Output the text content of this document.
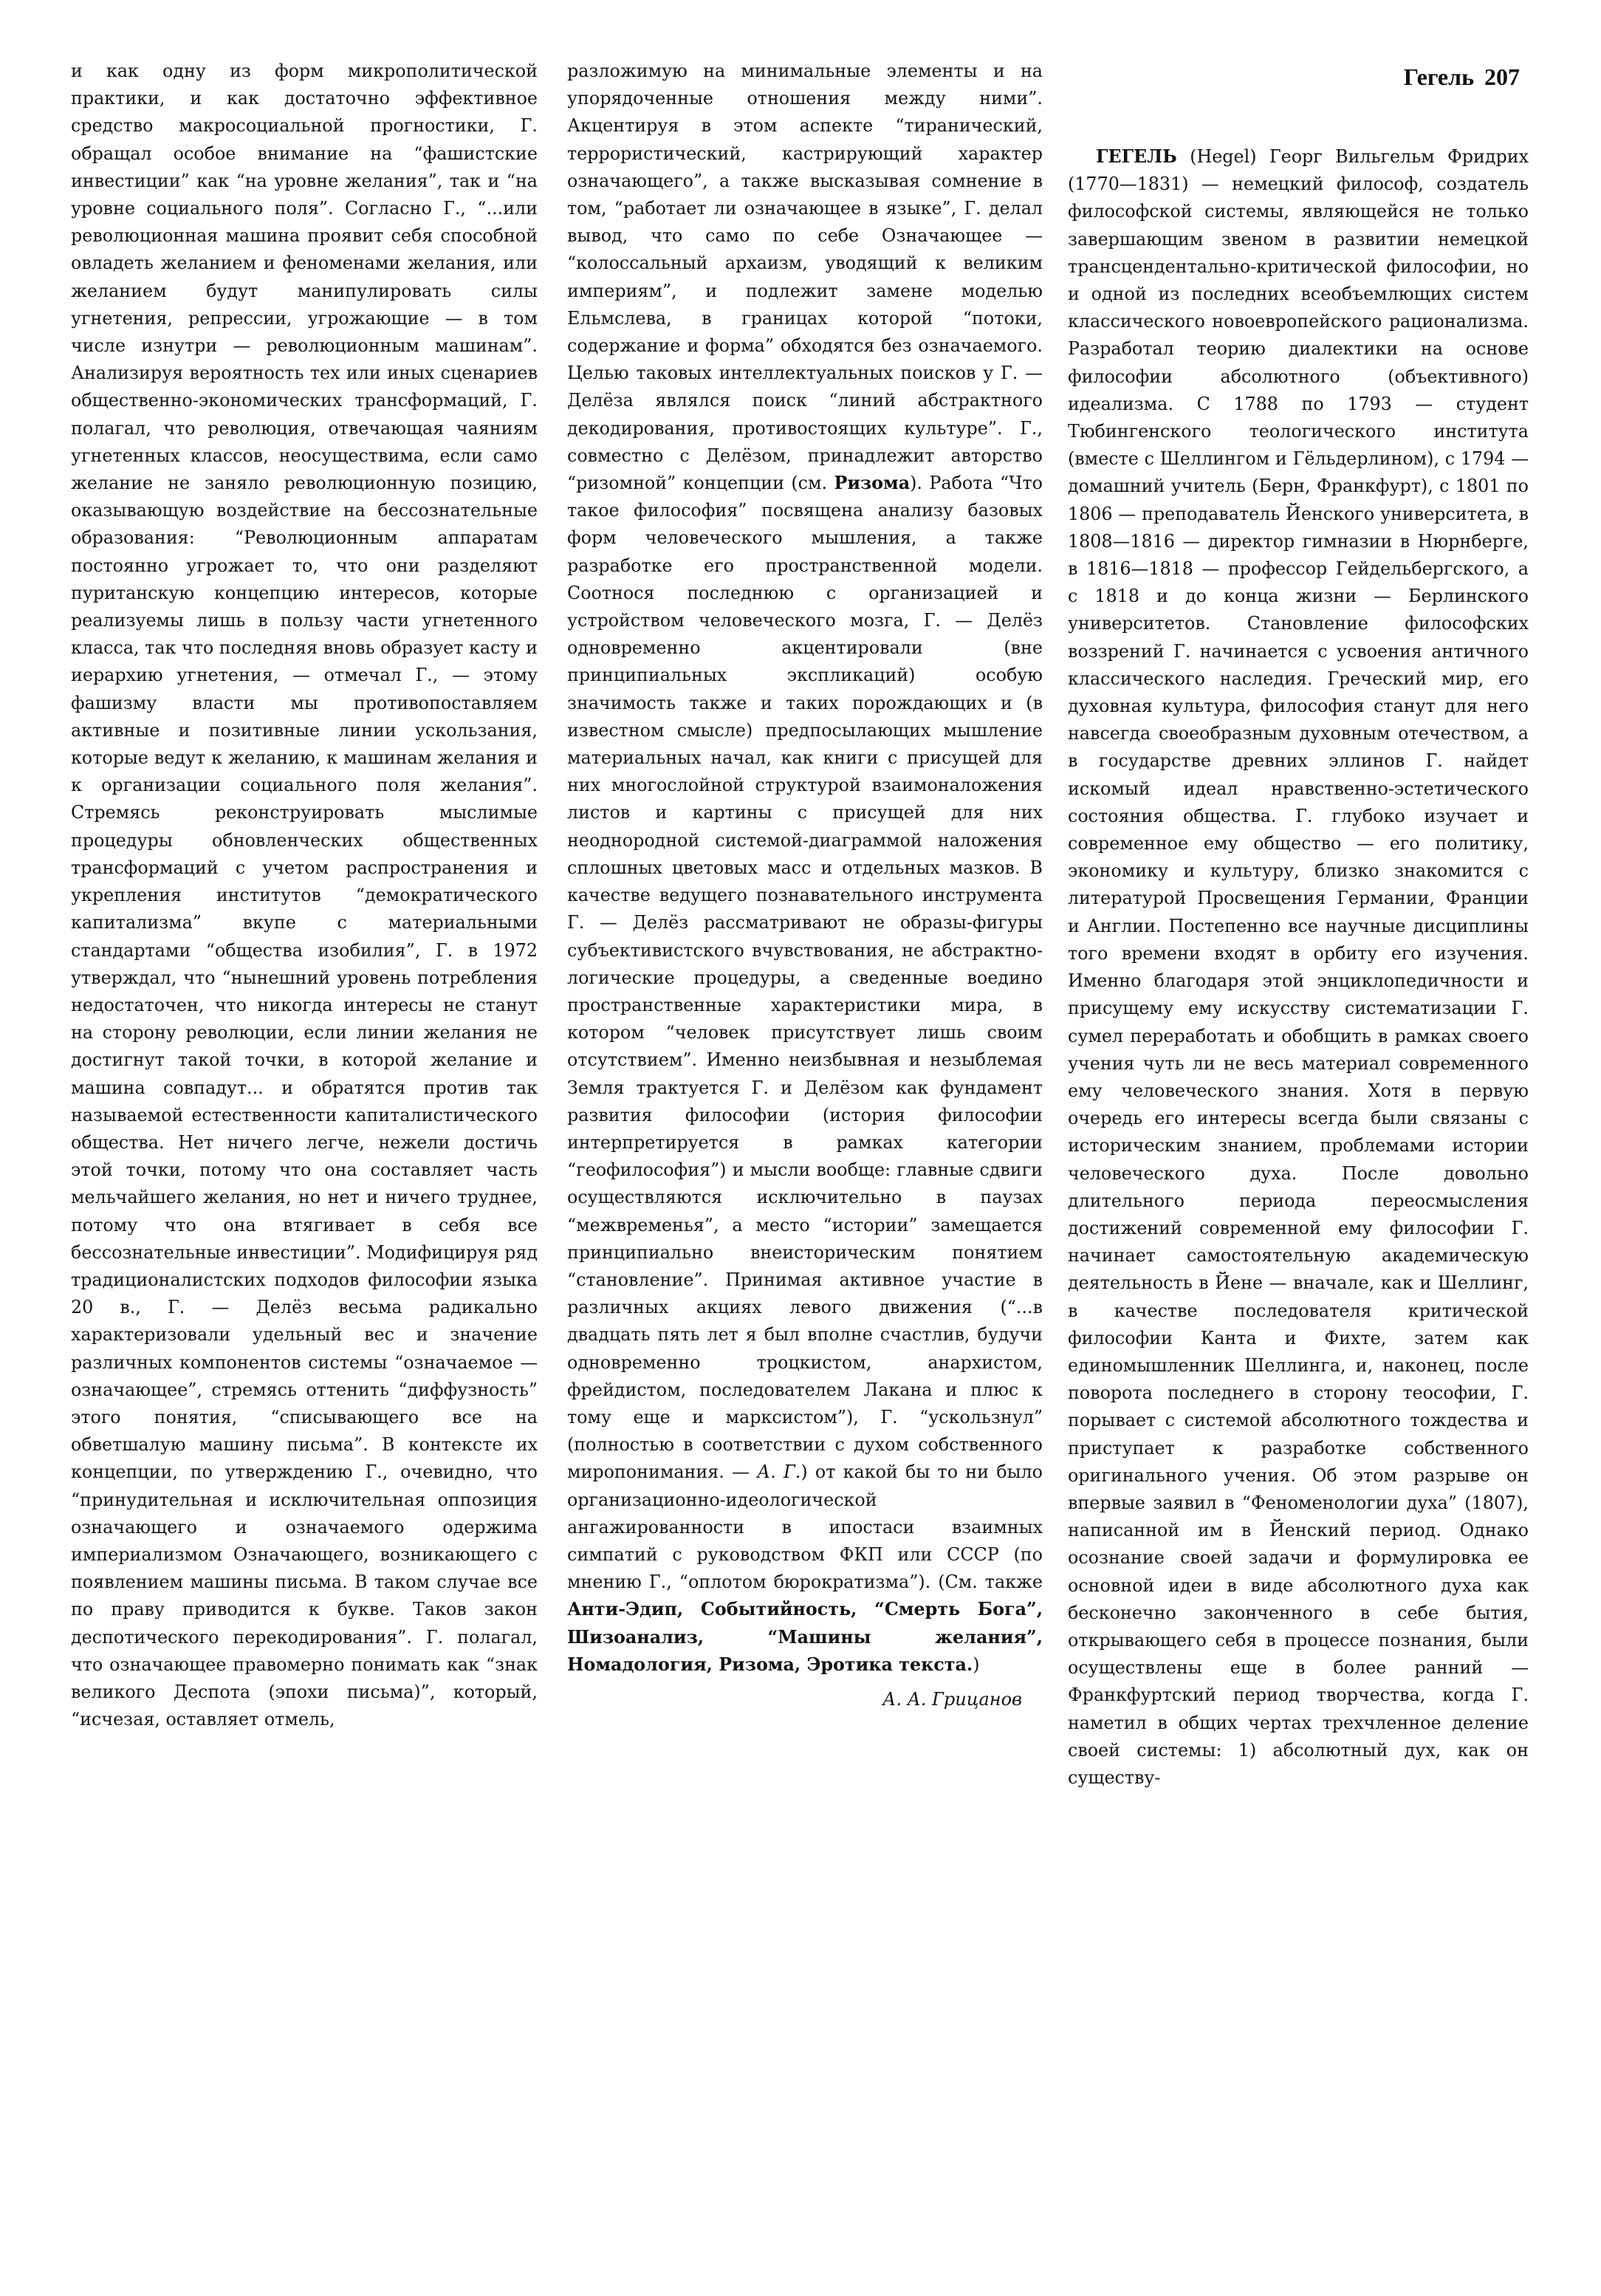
Гегель 207

и как одну из форм микрополитической практики, и как достаточно эффективное средство макросоциальной прогностики, Г. обращал особое внимание на “фашистские инвестиции” как “на уровне желания”, так и “на уровне социального поля”. Согласно Г., “...или революционная машина проявит себя способной овладеть желанием и феноменами желания, или желанием будут манипулировать силы угнетения, репрессии, угрожающие — в том числе изнутри — революционным машинам”. Анализируя вероятность тех или иных сценариев общественно-экономических трансформаций, Г. полагал, что революция, отвечающая чаяниям угнетенных классов, неосуществима, если само желание не заняло революционную позицию, оказывающую воздействие на бессознательные образования: “Революционным аппаратам постоянно угрожает то, что они разделяют пуританскую концепцию интересов, которые реализуемы лишь в пользу части угнетенного класса, так что последняя вновь образует касту и иерархию угнетения, — отмечал Г., — этому фашизму власти мы противопоставляем активные и позитивные линии ускользания, которые ведут к желанию, к машинам желания и к организации социального поля желания”. Стремясь реконструировать мыслимые процедуры обновленческих общественных трансформаций с учетом распространения и укрепления институтов “демократического капитализма” вкупе с материальными стандартами “общества изобилия”, Г. в 1972 утверждал, что “нынешний уровень потребления недостаточен, что никогда интересы не станут на сторону революции, если линии желания не достигнут такой точки, в которой желание и машина совпадут... и обратятся против так называемой естественности капиталистического общества. Нет ничего легче, нежели достичь этой точки, потому что она составляет часть мельчайшего желания, но нет и ничего труднее, потому что она втягивает в себя все бессознательные инвестиции”. Модифицируя ряд традиционалистских подходов философии языка 20 в., Г. — Делёз весьма радикально характеризовали удельный вес и значение различных компонентов системы “означаемое — означающее”, стремясь оттенить “диффузность” этого понятия, “списывающего все на обветшалую машину письма”. В контексте их концепции, по утверждению Г., очевидно, что “принудительная и исключительная оппозиция означающего и означаемого одержима империализмом Означающего, возникающего с появлением машины письма. В таком случае все по праву приводится к букве. Таков закон деспотического перекодирования”. Г. полагал, что означающее правомерно понимать как “знак великого Деспота (эпохи письма)”, который, “исчезая, оставляет отмель,

разложимую на минимальные элементы и на упорядоченные отношения между ними”. Акцентируя в этом аспекте “тиранический, террористический, кастрирующий характер означающего”, а также высказывая сомнение в том, “работает ли означающее в языке”, Г. делал вывод, что само по себе Означающее — “колоссальный архаизм, уводящий к великим империям”, и подлежит замене моделью Ельмслева, в границах которой “потоки, содержание и форма” обходятся без означаемого. Целью таковых интеллектуальных поисков у Г. — Делёза являлся поиск “линий абстрактного декодирования, противостоящих культуре”. Г., совместно с Делёзом, принадлежит авторство “ризомной” концепции (см. Ризома). Работа “Что такое философия” посвящена анализу базовых форм человеческого мышления, а также разработке его пространственной модели. Соотнося последнюю с организацией и устройством человеческого мозга, Г. — Делёз одновременно акцентировали (вне принципиальных экспликаций) особую значимость также и таких порождающих и (в известном смысле) предпосылающих мышление материальных начал, как книги с присущей для них многослойной структурой взаимоналожения листов и картины с присущей для них неоднородной системой-диаграммой наложения сплошных цветовых масс и отдельных мазков. В качестве ведущего познавательного инструмента Г. — Делёз рассматривают не образы-фигуры субъективистского вчувствования, не абстрактно-логические процедуры, а сведенные воедино пространственные характеристики мира, в котором “человек присутствует лишь своим отсутствием”. Именно неизбывная и незыблемая Земля трактуется Г. и Делёзом как фундамент развития философии (история философии интерпретируется в рамках категории “геофилософия”) и мысли вообще: главные сдвиги осуществляются исключительно в паузах “межвременья”, а место “истории” замещается принципиально внеисторическим понятием “становление”. Принимая активное участие в различных акциях левого движения (“...в двадцать пять лет я был вполне счастлив, будучи одновременно троцкистом, анархистом, фрейдистом, последователем Лакана и плюс к тому еще и марксистом”), Г. “ускользнул” (полностью в соответствии с духом собственного миропонимания. — А. Г.) от какой бы то ни было организационно-идеологической ангажированности в ипостаси взаимных симпатий с руководством ФКП или СССР (по мнению Г., “оплотом бюрократизма”). (См. также Анти-Эдип, Событийность, “Смерть Бога”, Шизоанализ, “Машины желания”, Номадология, Ризома, Эротика текста.)

А. А. Грицанов

ГЕГЕЛЬ (Hegel) Георг Вильгельм Фридрих (1770—1831) — немецкий философ, создатель философской системы, являющейся не только завершающим звеном в развитии немецкой трансцендентально-критической философии, но и одной из последних всеобъемлющих систем классического новоевропейского рационализма. Разработал теорию диалектики на основе философии абсолютного (объективного) идеализма. С 1788 по 1793 — студент Тюбингенского теологического института (вместе с Шеллингом и Гёльдерлином), с 1794 — домашний учитель (Берн, Франкфурт), с 1801 по 1806 — преподаватель Йенского университета, в 1808—1816 — директор гимназии в Нюрнберге, в 1816—1818 — профессор Гейдельбергского, а с 1818 и до конца жизни — Берлинского университетов. Становление философских воззрений Г. начинается с усвоения античного классического наследия. Греческий мир, его духовная культура, философия станут для него навсегда своеобразным духовным отечеством, а в государстве древних эллинов Г. найдет искомый идеал нравственно-эстетического состояния общества. Г. глубоко изучает и современное ему общество — его политику, экономику и культуру, близко знакомится с литературой Просвещения Германии, Франции и Англии. Постепенно все научные дисциплины того времени входят в орбиту его изучения. Именно благодаря этой энциклопедичности и присущему ему искусству систематизации Г. сумел переработать и обобщить в рамках своего учения чуть ли не весь материал современного ему человеческого знания. Хотя в первую очередь его интересы всегда были связаны с историческим знанием, проблемами истории человеческого духа. После довольно длительного периода переосмысления достижений современной ему философии Г. начинает самостоятельную академическую деятельность в Йене — вначале, как и Шеллинг, в качестве последователя критической философии Канта и Фихте, затем как единомышленник Шеллинга, и, наконец, после поворота последнего в сторону теософии, Г. порывает с системой абсолютного тождества и приступает к разработке собственного оригинального учения. Об этом разрыве он впервые заявил в “Феноменологии духа” (1807), написанной им в Йенский период. Однако осознание своей задачи и формулировка ее основной идеи в виде абсолютного духа как бесконечно законченного в себе бытия, открывающего себя в процессе познания, были осуществлены еще в более ранний — Франкфуртский период творчества, когда Г. наметил в общих чертах трехчленное деление своей системы: 1) абсолютный дух, как он существу-
